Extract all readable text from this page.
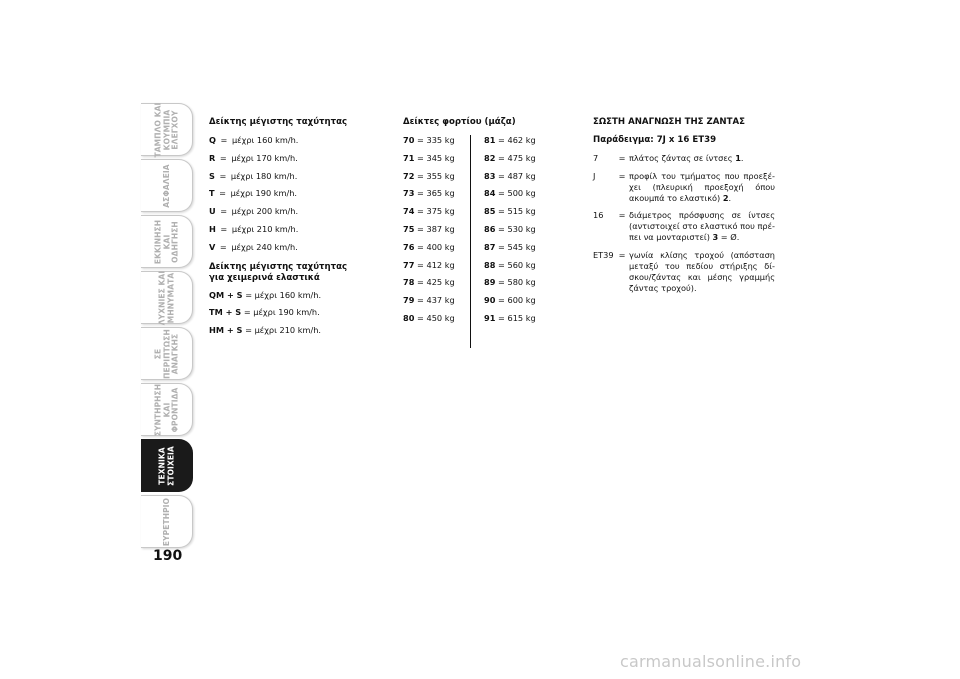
ΤΑΜΠΛΟ ΚΑΙ
ΚΟΥΜΠΙΑ
ΕΛΕΓΧΟΥ
ΑΣΦΑΛΕΙΑ
ΕΚΚΙΝΗΣΗ
ΚΑΙ ΟΔΗΓΗΣΗ
ΛΥΧΝΙΕΣ ΚΑΙ
ΜΗΝΥΜΑΤΑ
ΣΕ ΠΕΡΙΠΤΩΣΗ
ΑΝΑΓΚΗΣ
ΣΥΝΤΗΡΗΣΗ
ΚΑΙ ΦΡΟΝΤΙΔΑ
ΤΕΧΝΙΚΑ
ΣΤΟΙΧΕΙΑ
ΕΥΡΕΤΗΡΙΟ
190
Δείκτης μέγιστης ταχύτητας
Q = μέχρι 160 km/h.
R = μέχρι 170 km/h.
S = μέχρι 180 km/h.
T = μέχρι 190 km/h.
U = μέχρι 200 km/h.
H = μέχρι 210 km/h.
V = μέχρι 240 km/h.
Δείκτης μέγιστης ταχύτητας
για χειμερινά ελαστικά
QM + S = μέχρι 160 km/h.
TM + S = μέχρι 190 km/h.
HM + S = μέχρι 210 km/h.
Δείκτες φορτίου (μάζα)
70 = 335 kg
71 = 345 kg
72 = 355 kg
73 = 365 kg
74 = 375 kg
75 = 387 kg
76 = 400 kg
77 = 412 kg
78 = 425 kg
79 = 437 kg
80 = 450 kg
81 = 462 kg
82 = 475 kg
83 = 487 kg
84 = 500 kg
85 = 515 kg
86 = 530 kg
87 = 545 kg
88 = 560 kg
89 = 580 kg
90 = 600 kg
91 = 615 kg
ΣΩΣΤΗ ΑΝΑΓΝΩΣΗ ΤΗΣ ΖΑΝΤΑΣ
Παράδειγμα: 7J x 16 ET39
7	= πλάτος ζάντας σε ίντσες 1.
J	= προφίλ του τμήματος που προεξέ-χει (πλευρική προεξοχή όπου ακουμπά το ελαστικό) 2.
16	= διάμετρος πρόσφυσης σε ίντσες (αντιστοιχεί στο ελαστικό που πρέ-πει να μονταριστεί) 3 = Ø.
ET39 = γωνία κλίσης τροχού (απόσταση μεταξύ του πεδίου στήριξης δί-σκου/ζάντας και μέσης γραμμής ζάντας τροχού).
carmanualsonline.info
